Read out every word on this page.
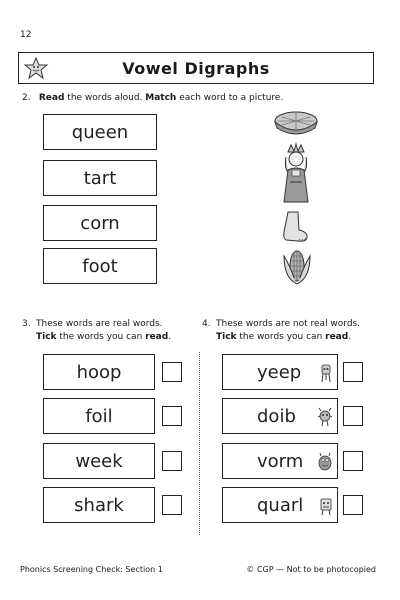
12
Vowel Digraphs
2. Read the words aloud. Match each word to a picture.
queen
tart
corn
foot
3. These words are real words.
Tick the words you can read.
4. These words are not real words.
Tick the words you can read.
hoop
foil
week
shark
yeep
doib
vorm
quarl
Phonics Screening Check: Section 1	© CGP — Not to be photocopied
